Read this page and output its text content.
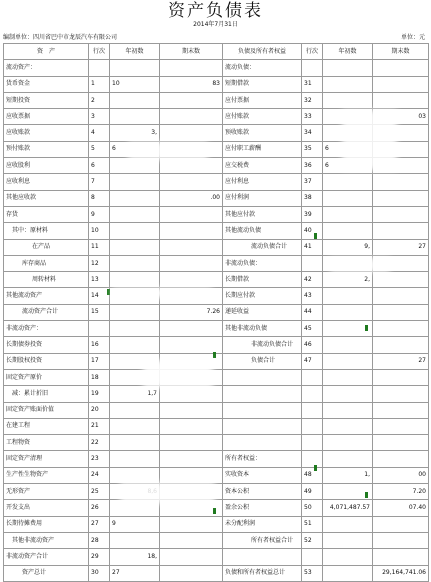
资产负债表
2014年7月31日
编制单位：四川省巴中市龙辰汽车有限公司	单位：元
资　产	行次	年初数	期末数	负债及所有者权益	行次	年初数	期末数
流动资产：				流动负债：			
货币资金	1	10	83	短期借款	31		
短期投资	2			应付票据	32		
应收票据	3			应付账款	33		03
应收账款	4	3,		预收账款	34		
预付账款	5	6		应付职工薪酬	35	6	
应收股利	6			应交税费	36	6	
应收利息	7			应付利息	37		
其他应收款	8		.00	应付利润	38		
存货	9			其他应付款	39		
其中：原材料	10			其他流动负债	40		
在产品	11			流动负债合计	41	9,	27
库存商品	12			非流动负债：			
周转材料	13			长期借款	42	2,	
其他流动资产	14			长期应付款	43		
流动资产合计	15		7.26	递延收益	44		
非流动资产：				其他非流动负债	45		
长期债券投资	16			非流动负债合计	46		
长期股权投资	17			负债合计	47		27
固定资产原价	18						
减：累计折旧	19	1,7					
固定资产账面价值	20						
在建工程	21						
工程物资	22						
固定资产清理	23			所有者权益：			
生产性生物资产	24			实收资本	48	1,	00
无形资产	25			资本公积	49		7.20
开发支出	26			盈余公积	50	4,071,487.57	07.40
长期待摊费用	27	9		未分配利润	51		
其他非流动资产	28			所有者权益合计	52		
非流动资产合计	29	18,					
资产总计	30	27		负债和所有者权益总计	53		29,164,741.06
